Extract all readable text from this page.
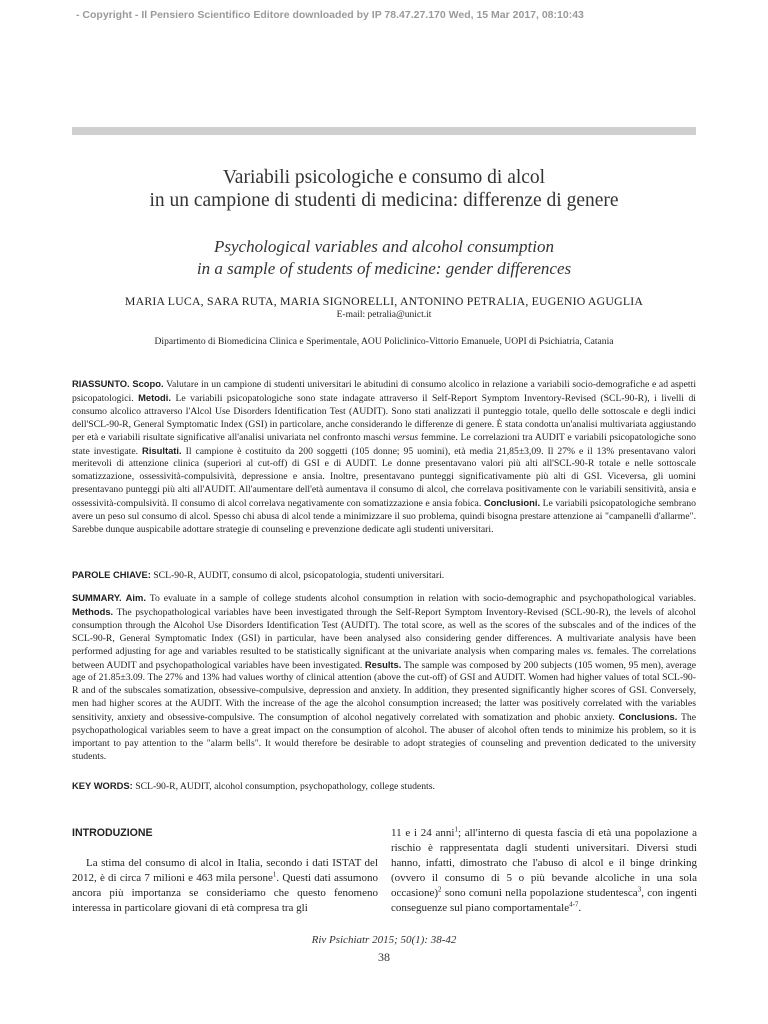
- Copyright - Il Pensiero Scientifico Editore downloaded by IP 78.47.27.170 Wed, 15 Mar 2017, 08:10:43
Variabili psicologiche e consumo di alcol
in un campione di studenti di medicina: differenze di genere
Psychological variables and alcohol consumption
in a sample of students of medicine: gender differences
MARIA LUCA, SARA RUTA, MARIA SIGNORELLI, ANTONINO PETRALIA, EUGENIO AGUGLIA
E-mail: petralia@unict.it
Dipartimento di Biomedicina Clinica e Sperimentale, AOU Policlinico-Vittorio Emanuele, UOPI di Psichiatria, Catania
RIASSUNTO. Scopo. Valutare in un campione di studenti universitari le abitudini di consumo alcolico in relazione a variabili socio-demografiche e ad aspetti psicopatologici. Metodi. Le variabili psicopatologiche sono state indagate attraverso il Self-Report Symptom Inventory-Revised (SCL-90-R), i livelli di consumo alcolico attraverso l'Alcol Use Disorders Identification Test (AUDIT). Sono stati analizzati il punteggio totale, quello delle sottoscale e degli indici dell'SCL-90-R, General Symptomatic Index (GSI) in particolare, anche considerando le differenze di genere. È stata condotta un'analisi multivariata aggiustando per età e variabili risultate significative all'analisi univariata nel confronto maschi versus femmine. Le correlazioni tra AUDIT e variabili psicopatologiche sono state investigate. Risultati. Il campione è costituito da 200 soggetti (105 donne; 95 uomini), età media 21,85±3,09. Il 27% e il 13% presentavano valori meritevoli di attenzione clinica (superiori al cut-off) di GSI e di AUDIT. Le donne presentavano valori più alti all'SCL-90-R totale e nelle sottoscale somatizzazione, ossessività-compulsività, depressione e ansia. Inoltre, presentavano punteggi significativamente più alti di GSI. Viceversa, gli uomini presentavano punteggi più alti all'AUDIT. All'aumentare dell'età aumentava il consumo di alcol, che correlava positivamente con le variabili sensitività, ansia e ossessività-compulsività. Il consumo di alcol correlava negativamente con somatizzazione e ansia fobica. Conclusioni. Le variabili psicopatologiche sembrano avere un peso sul consumo di alcol. Spesso chi abusa di alcol tende a minimizzare il suo problema, quindi bisogna prestare attenzione ai "campanelli d'allarme". Sarebbe dunque auspicabile adottare strategie di counseling e prevenzione dedicate agli studenti universitari.
PAROLE CHIAVE: SCL-90-R, AUDIT, consumo di alcol, psicopatologia, studenti universitari.
SUMMARY. Aim. To evaluate in a sample of college students alcohol consumption in relation with socio-demographic and psychopathological variables. Methods. The psychopathological variables have been investigated through the Self-Report Symptom Inventory-Revised (SCL-90-R), the levels of alcohol consumption through the Alcohol Use Disorders Identification Test (AUDIT). The total score, as well as the scores of the subscales and of the indices of the SCL-90-R, General Symptomatic Index (GSI) in particular, have been analysed also considering gender differences. A multivariate analysis have been performed adjusting for age and variables resulted to be statistically significant at the univariate analysis when comparing males vs. females. The correlations between AUDIT and psychopathological variables have been investigated. Results. The sample was composed by 200 subjects (105 women, 95 men), average age of 21.85±3.09. The 27% and 13% had values worthy of clinical attention (above the cut-off) of GSI and AUDIT. Women had higher values of total SCL-90-R and of the subscales somatization, obsessive-compulsive, depression and anxiety. In addition, they presented significantly higher scores of GSI. Conversely, men had higher scores at the AUDIT. With the increase of the age the alcohol consumption increased; the latter was positively correlated with the variables sensitivity, anxiety and obsessive-compulsive. The consumption of alcohol negatively correlated with somatization and phobic anxiety. Conclusions. The psychopathological variables seem to have a great impact on the consumption of alcohol. The abuser of alcohol often tends to minimize his problem, so it is important to pay attention to the "alarm bells". It would therefore be desirable to adopt strategies of counseling and prevention dedicated to the university students.
KEY WORDS: SCL-90-R, AUDIT, alcohol consumption, psychopathology, college students.
INTRODUZIONE
La stima del consumo di alcol in Italia, secondo i dati ISTAT del 2012, è di circa 7 milioni e 463 mila persone$^1$. Questi dati assumono ancora più importanza se consideriamo che questo fenomeno interessa in particolare giovani di età compresa tra gli
11 e i 24 anni$^1$; all'interno di questa fascia di età una popolazione a rischio è rappresentata dagli studenti universitari. Diversi studi hanno, infatti, dimostrato che l'abuso di alcol e il binge drinking (ovvero il consumo di 5 o più bevande alcoliche in una sola occasione)$^2$ sono comuni nella popolazione studentesca$^3$, con ingenti conseguenze sul piano comportamentale$^{4-7}$.
Riv Psichiatr 2015; 50(1): 38-42
38
